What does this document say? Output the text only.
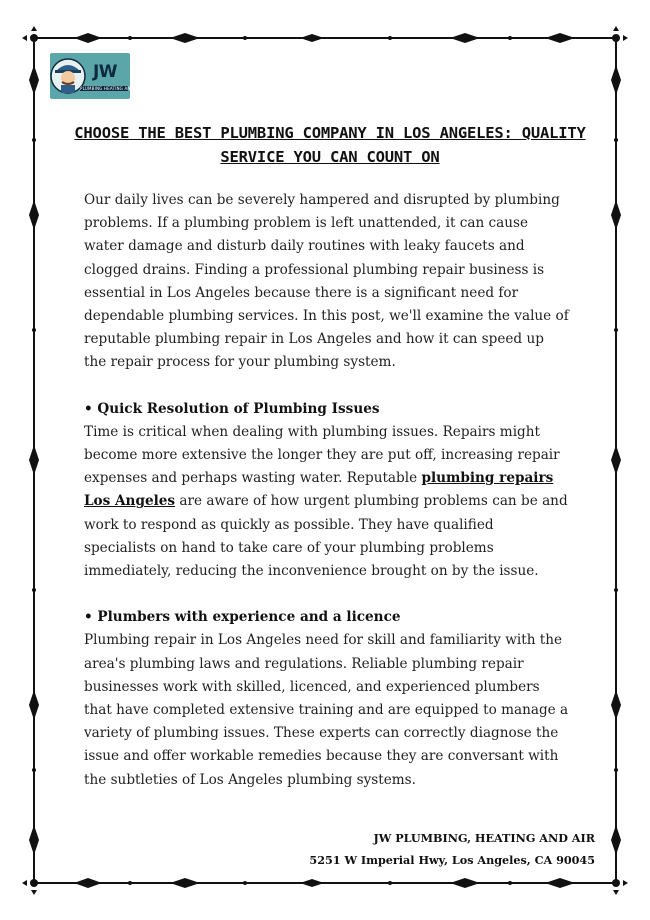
JW
PLUMBING HEATING AND AIR
CHOOSE THE BEST PLUMBING COMPANY IN LOS ANGELES: QUALITY SERVICE YOU CAN COUNT ON

Our daily lives can be severely hampered and disrupted by plumbing problems. If a plumbing problem is left unattended, it can cause water damage and disturb daily routines with leaky faucets and clogged drains. Finding a professional plumbing repair business is essential in Los Angeles because there is a significant need for dependable plumbing services. In this post, we'll examine the value of reputable plumbing repair in Los Angeles and how it can speed up the repair process for your plumbing system.

• Quick Resolution of Plumbing Issues

Time is critical when dealing with plumbing issues. Repairs might become more extensive the longer they are put off, increasing repair expenses and perhaps wasting water. Reputable plumbing repairs Los Angeles are aware of how urgent plumbing problems can be and work to respond as quickly as possible. They have qualified specialists on hand to take care of your plumbing problems immediately, reducing the inconvenience brought on by the issue.

• Plumbers with experience and a licence

Plumbing repair in Los Angeles need for skill and familiarity with the area's plumbing laws and regulations. Reliable plumbing repair businesses work with skilled, licenced, and experienced plumbers that have completed extensive training and are equipped to manage a variety of plumbing issues. These experts can correctly diagnose the issue and offer workable remedies because they are conversant with the subtleties of Los Angeles plumbing systems.

JW PLUMBING, HEATING AND AIR
5251 W Imperial Hwy, Los Angeles, CA 90045
